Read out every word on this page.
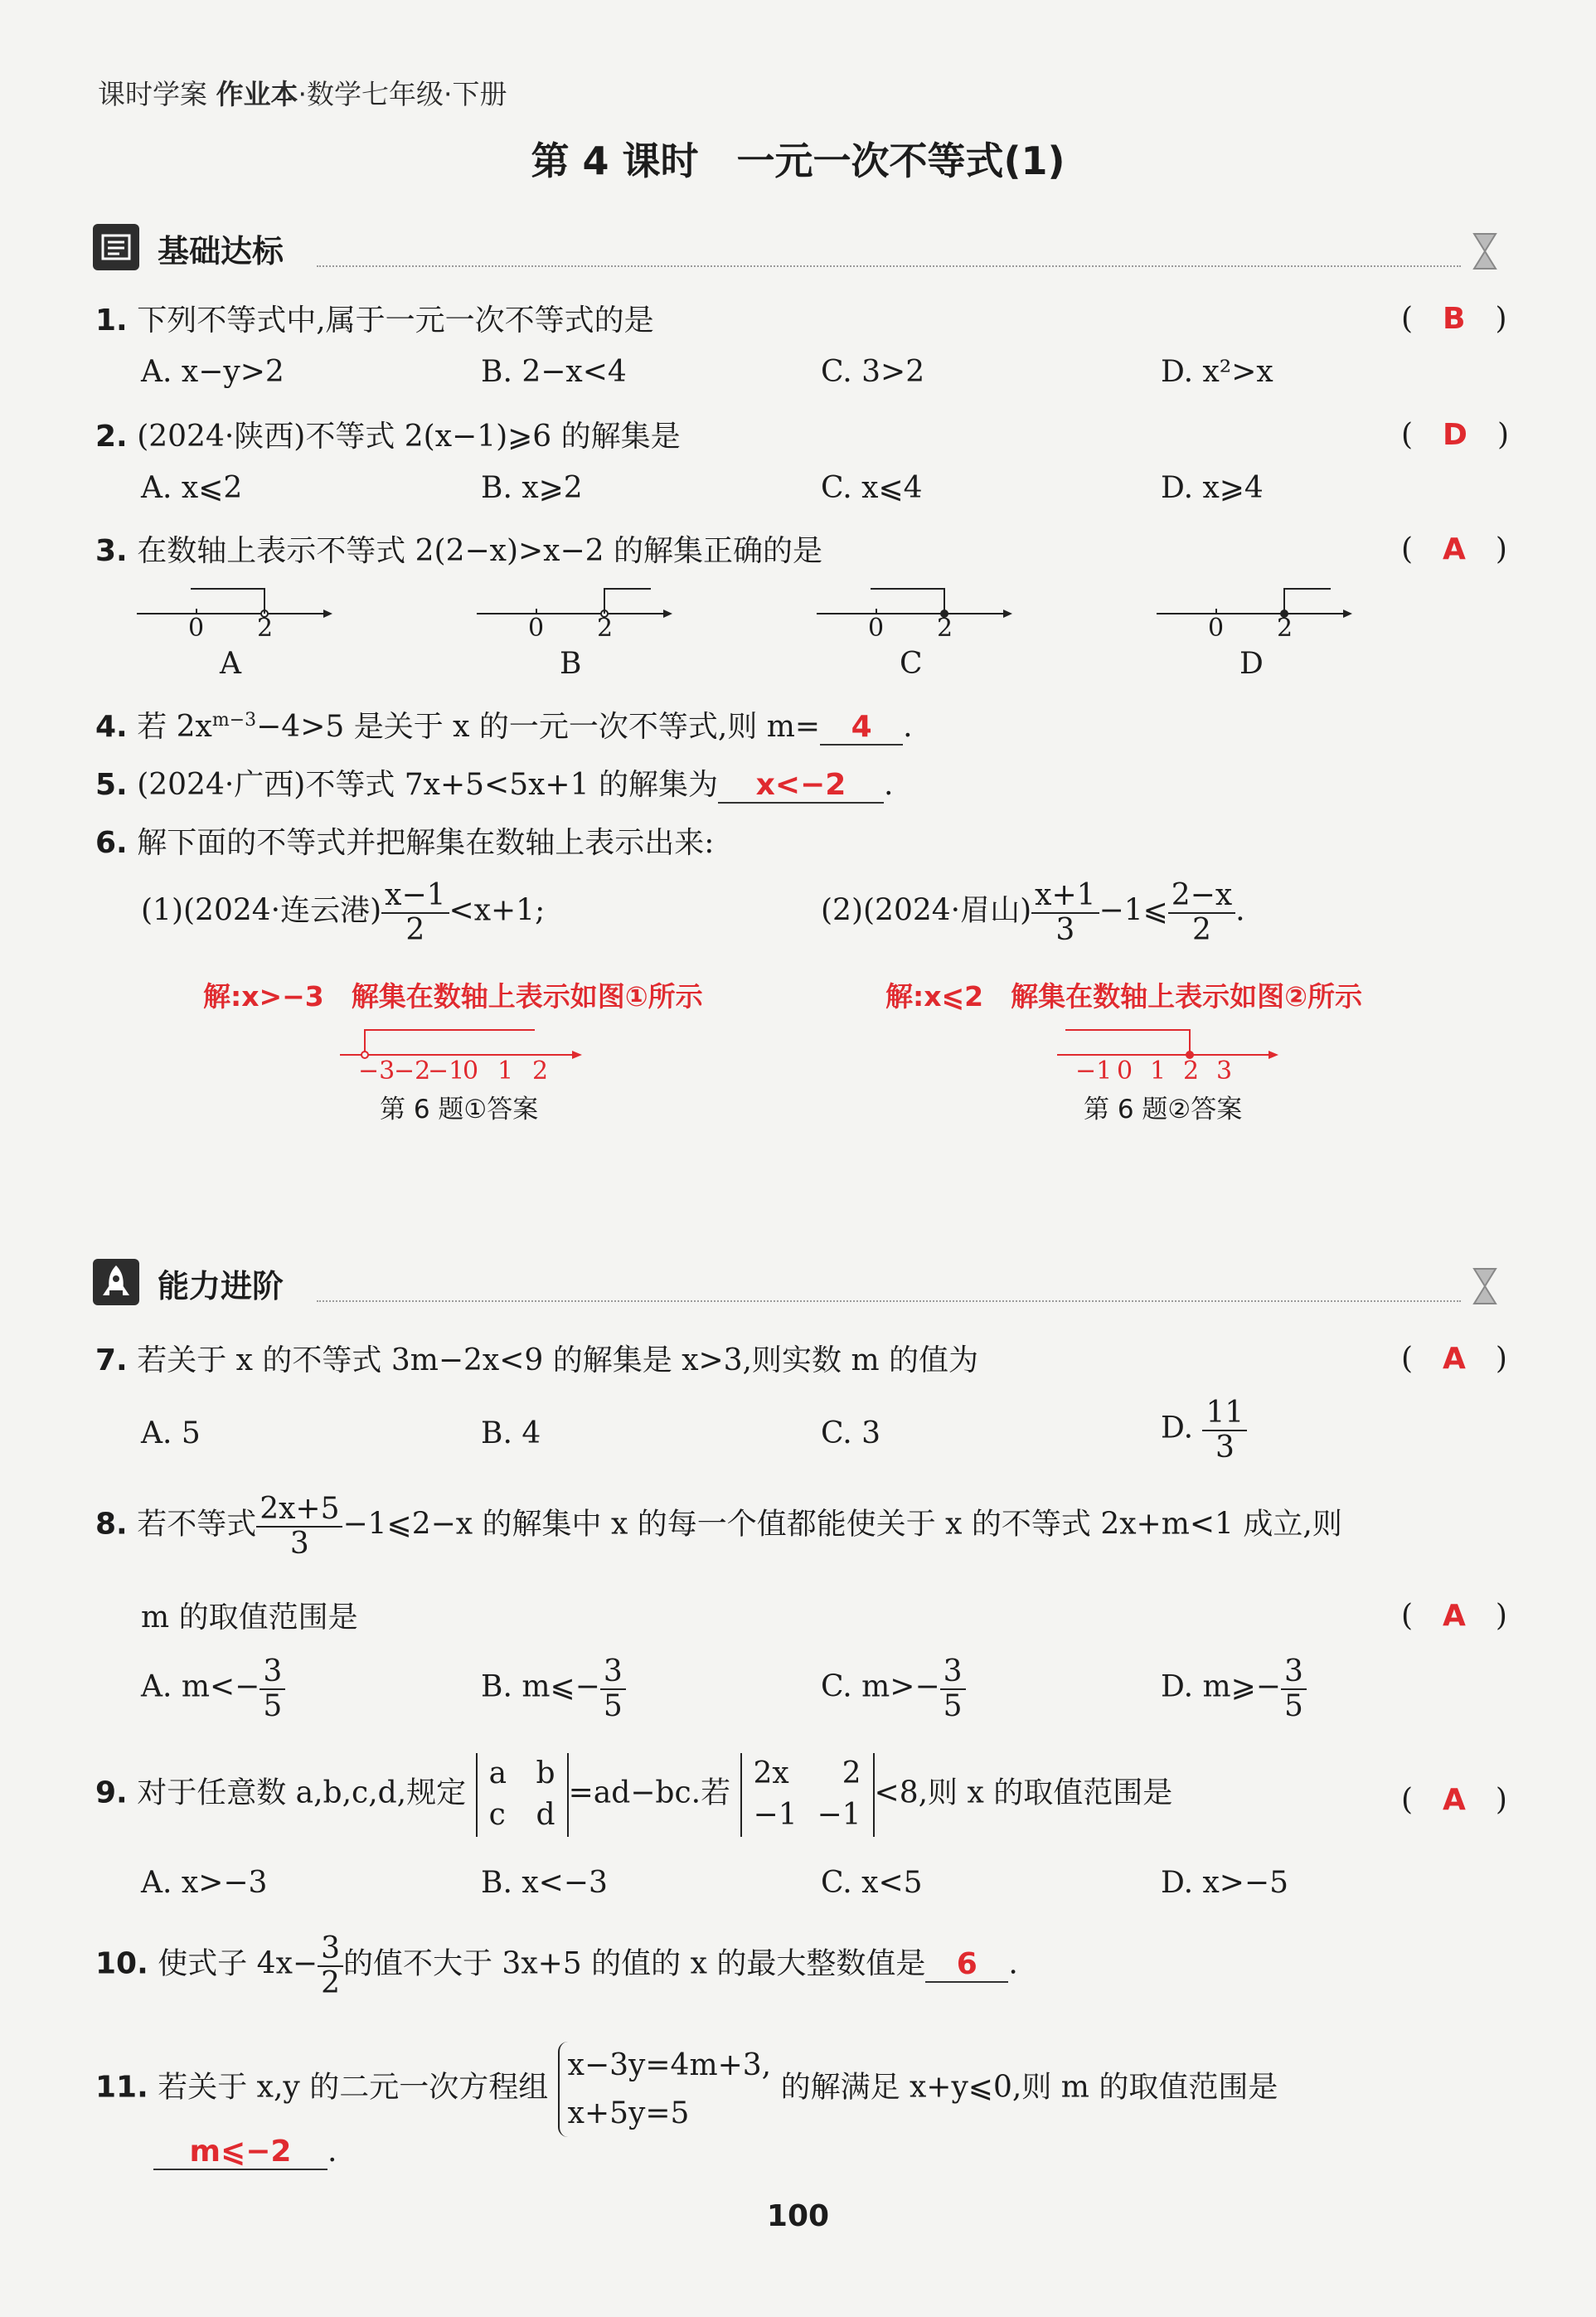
课时学案 作业本·数学七年级·下册
第 4 课时　一元一次不等式(1)
基础达标
1. 下列不等式中,属于一元一次不等式的是	(　B　)
A. x−y>2	B. 2−x<4	C. 3>2	D. x²>x
2. (2024·陕西)不等式 2(x−1)⩾6 的解集是	(　D　)
A. x⩽2	B. x⩾2	C. x⩽4	D. x⩾4
3. 在数轴上表示不等式 2(2−x)>x−2 的解集正确的是	(　A　)
0 2
A
0 2
B
0 2
C
0 2
D
4. 若 $2x^{m-3}-4>5$ 是关于 x 的一元一次不等式,则 m= 4 .
5. (2024·广西)不等式 7x+5<5x+1 的解集为 x<−2 .
6. 解下面的不等式并把解集在数轴上表示出来:
(1)(2024·连云港) $\frac{x-1}{2} <x+1$;	(2)(2024·眉山) $\frac{x+1}{3}$ −1⩽ $\frac{2-x}{2}$ .
解:x>−3　解集在数轴上表示如图①所示	解:x⩽2　解集在数轴上表示如图②所示
−3
−2
−1
0 1 2
第 6 题①答案
−1 0 1 2 3
第 6 题②答案
能力进阶
7. 若关于 x 的不等式 3m−2x<9 的解集是 x>3,则实数 m 的值为	(　A　)
A. 5	B. 4	C. 3	D. $\frac{11}{3}$
8. 若不等式 $\frac{2x+5}{3}$ −1⩽2−x 的解集中 x 的每一个值都能使关于 x 的不等式 2x+m<1 成立,则
m 的取值范围是	(　A　)
A. $m<- \frac{3}{5}$	B. m⩽− $\frac{3}{5}$	C. $m>- \frac{3}{5}$	D. m⩾− $\frac{3}{5}$
9. 对于任意数 a,b,c,d,规定 a b
c d=ad−bc.若 2x 2
−1 −1<8,则 x 的取值范围是	(　A　)
A. x>−3	B. x<−3	C. x<5	D. x>−5
10. 使式子 $4x- \frac{3}{2}$ 的值不大于 3x+5 的值的 x 的最大整数值是 6 .
11. 若关于 x,y 的二元一次方程组 x−3y=4m+3,
x+5y=5 的解满足 x+y⩽0,则 m 的取值范围是
m⩽−2 .
100
